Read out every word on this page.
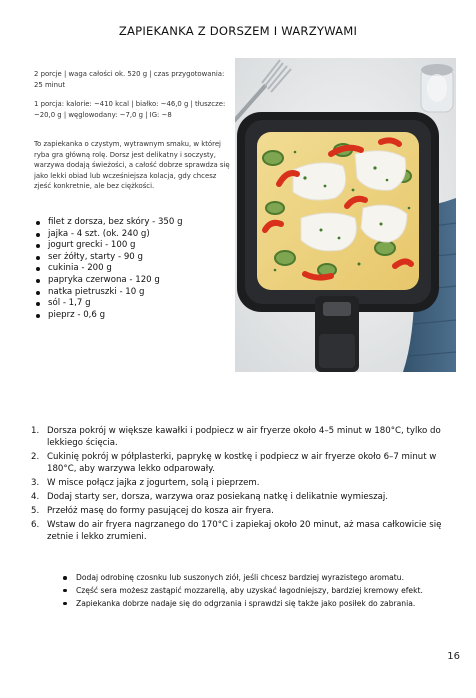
ZAPIEKANKA Z DORSZEM I WARZYWAMI
2 porcje | waga całości ok. 520 g | czas przygotowania: 25 minut
1 porcja: kalorie: ~410 kcal | białko: ~46,0 g | tłuszcze: ~20,0 g | węglowodany: ~7,0 g | IG: ~8
To zapiekanka o czystym, wytrawnym smaku, w której ryba gra główną rolę. Dorsz jest delikatny i soczysty, warzywa dodają świeżości, a całość dobrze sprawdza się jako lekki obiad lub wcześniejsza kolacja, gdy chcesz zjeść konkretnie, ale bez ciężkości.
filet z dorsza, bez skóry - 350 g
jajka - 4 szt. (ok. 240 g)
jogurt grecki - 100 g
ser żółty, starty - 90 g
cukinia - 200 g
papryka czerwona - 120 g
natka pietruszki - 10 g
sól - 1,7 g
pieprz - 0,6 g
1. Dorsza pokrój w większe kawałki i podpiecz w air fryerze około 4–5 minut w 180°C, tylko do lekkiego ścięcia.
2. Cukinię pokrój w półplasterki, paprykę w kostkę i podpiecz w air fryerze około 6–7 minut w 180°C, aby warzywa lekko odparowały.
3. W misce połącz jajka z jogurtem, solą i pieprzem.
4. Dodaj starty ser, dorsza, warzywa oraz posiekaną natkę i delikatnie wymieszaj.
5. Przełóż masę do formy pasującej do kosza air fryera.
6. Wstaw do air fryera nagrzanego do 170°C i zapiekaj około 20 minut, aż masa całkowicie się zetnie i lekko zrumieni.
Dodaj odrobinę czosnku lub suszonych ziół, jeśli chcesz bardziej wyrazistego aromatu.
Część sera możesz zastąpić mozzarellą, aby uzyskać łagodniejszy, bardziej kremowy efekt.
Zapiekanka dobrze nadaje się do odgrzania i sprawdzi się także jako posiłek do zabrania.
16
